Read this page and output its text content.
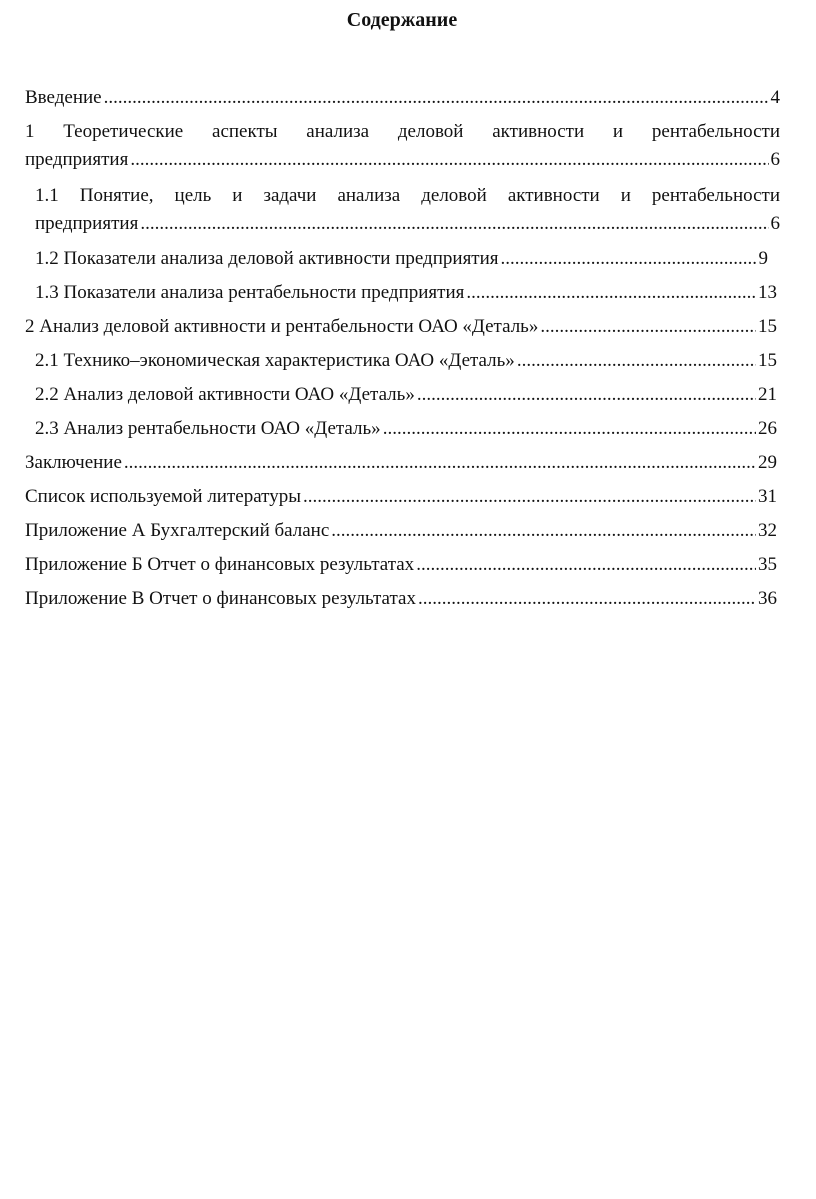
Содержание
Введение .....	4
1 Теоретические аспекты анализа деловой активности и рентабельности
предприятия .....	6
1.1 Понятие, цель и задачи анализа деловой активности и рентабельности
предприятия .....	6
1.2 Показатели анализа деловой активности предприятия .....	9
1.3 Показатели анализа рентабельности предприятия .....	13
2 Анализ деловой активности и рентабельности ОАО «Деталь» .....	15
2.1 Технико–экономическая характеристика ОАО «Деталь» .....	15
2.2 Анализ деловой активности ОАО «Деталь» .....	21
2.3 Анализ рентабельности ОАО «Деталь» .....	26
Заключение .....	29
Список используемой литературы .....	31
Приложение А Бухгалтерский баланс .....	32
Приложение Б Отчет о финансовых результатах .....	35
Приложение В Отчет о финансовых результатах .....	36
